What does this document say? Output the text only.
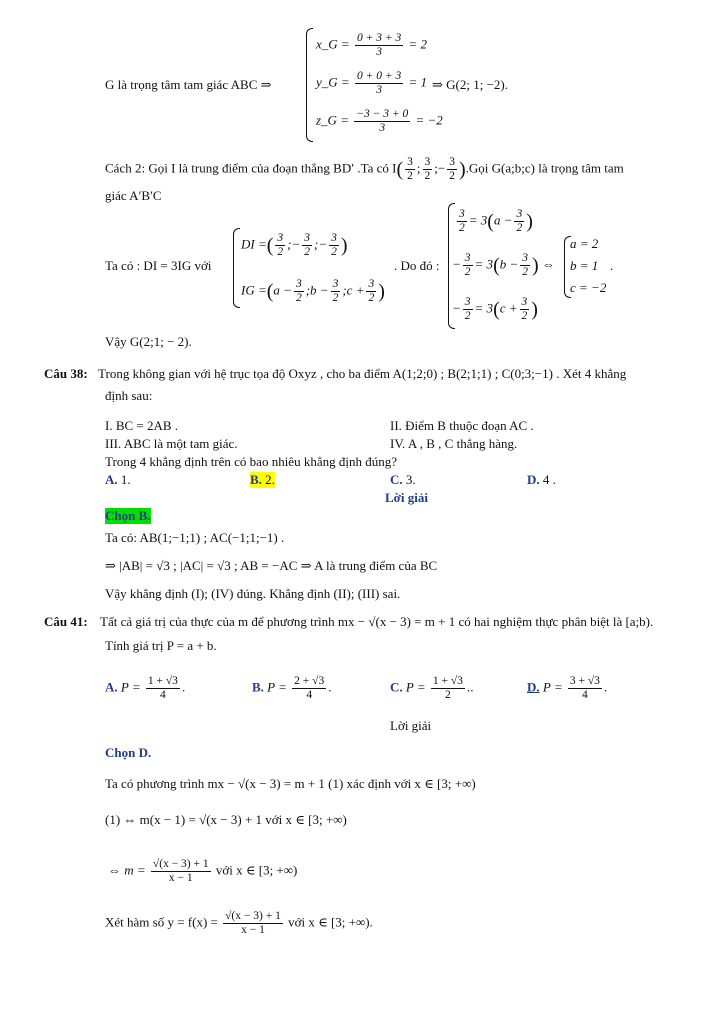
G là trọng tâm tam giác ABC ⇒
x_G = $\frac{0 + 3 + 3}{3} = 2$
y_G = $\frac{0 + 0 + 3}{3} = 1$
z_G = $\frac{-3 - 3 + 0}{3} = -2$
⇒ G(2; 1; −2).
Cách 2: Gọi I là trung điểm của đoạn thẳng BD′ .Ta có $I( \frac{3}{2}$ ; $\frac{3}{2}$ ;− $\frac{3}{2}$ ).Gọi G(a;b;c) là trọng tâm tam
giác A′B′C
Ta có : DI = 3IG với
DI =( $\frac{3}{2}$ ;− $\frac{3}{2}$ ;− $\frac{3}{2}$ )
IG $=(a - \frac{3}{2}$ ;b − $\frac{3}{2}$ ;c + $\frac{3}{2}$ )
. Do đó :
$\frac{3}{2} = 3(a - \frac{3}{2}$ )
− $\frac{3}{2} = 3(b - \frac{3}{2}$ ) ⇔
− $\frac{3}{2} = 3(c + \frac{3}{2}$ )
a = 2
b = 1
c = −2
.
Vậy G(2;1; − 2).
Câu 38: Trong không gian với hệ trục tọa độ Oxyz , cho ba điểm A(1;2;0) ; B(2;1;1) ; C(0;3;−1) . Xét 4 khẳng
định sau:
I. BC = 2AB .	II. Điểm B thuộc đoạn AC .
III. ABC là một tam giác.	IV. A , B , C thẳng hàng.
Trong 4 khẳng định trên có bao nhiêu khẳng định đúng?
A. 1.	B. 2.	C. 3.	D. 4 .
Lời giải
Chọn B.
Ta có: AB(1;−1;1) ; AC(−1;1;−1) .
⇒ |AB| = √3 ; |AC| = √3 ; AB = −AC ⇒ A là trung điểm của BC
Vậy khẳng định (I); (IV) đúng. Khẳng định (II); (III) sai.
Câu 41: Tất cả giá trị của thực của m để phương trình mx − √(x − 3) = m + 1 có hai nghiệm thực phân biệt là [a;b).
Tính giá trị P = a + b.
A. $P = \frac{1 + √3}{4}$ .	B. $P = \frac{2 + √3}{4}$ .	C. $P = \frac{1 + √3}{2}$ ..	D. $P = \frac{3 + √3}{4}$ .
Lời giải
Chọn D.
Ta có phương trình mx − √(x − 3) = m + 1 (1) xác định với x ∈ [3; +∞)
(1) ⇔ m(x − 1) = √(x − 3) + 1 với x ∈ [3; +∞)
⇔ $m = \frac{√(x - 3) + 1}{x - 1}$ với x ∈ [3; +∞)
Xét hàm số $y = f(x) = \frac{√(x - 3) + 1}{x - 1}$ với x ∈ [3; +∞).
